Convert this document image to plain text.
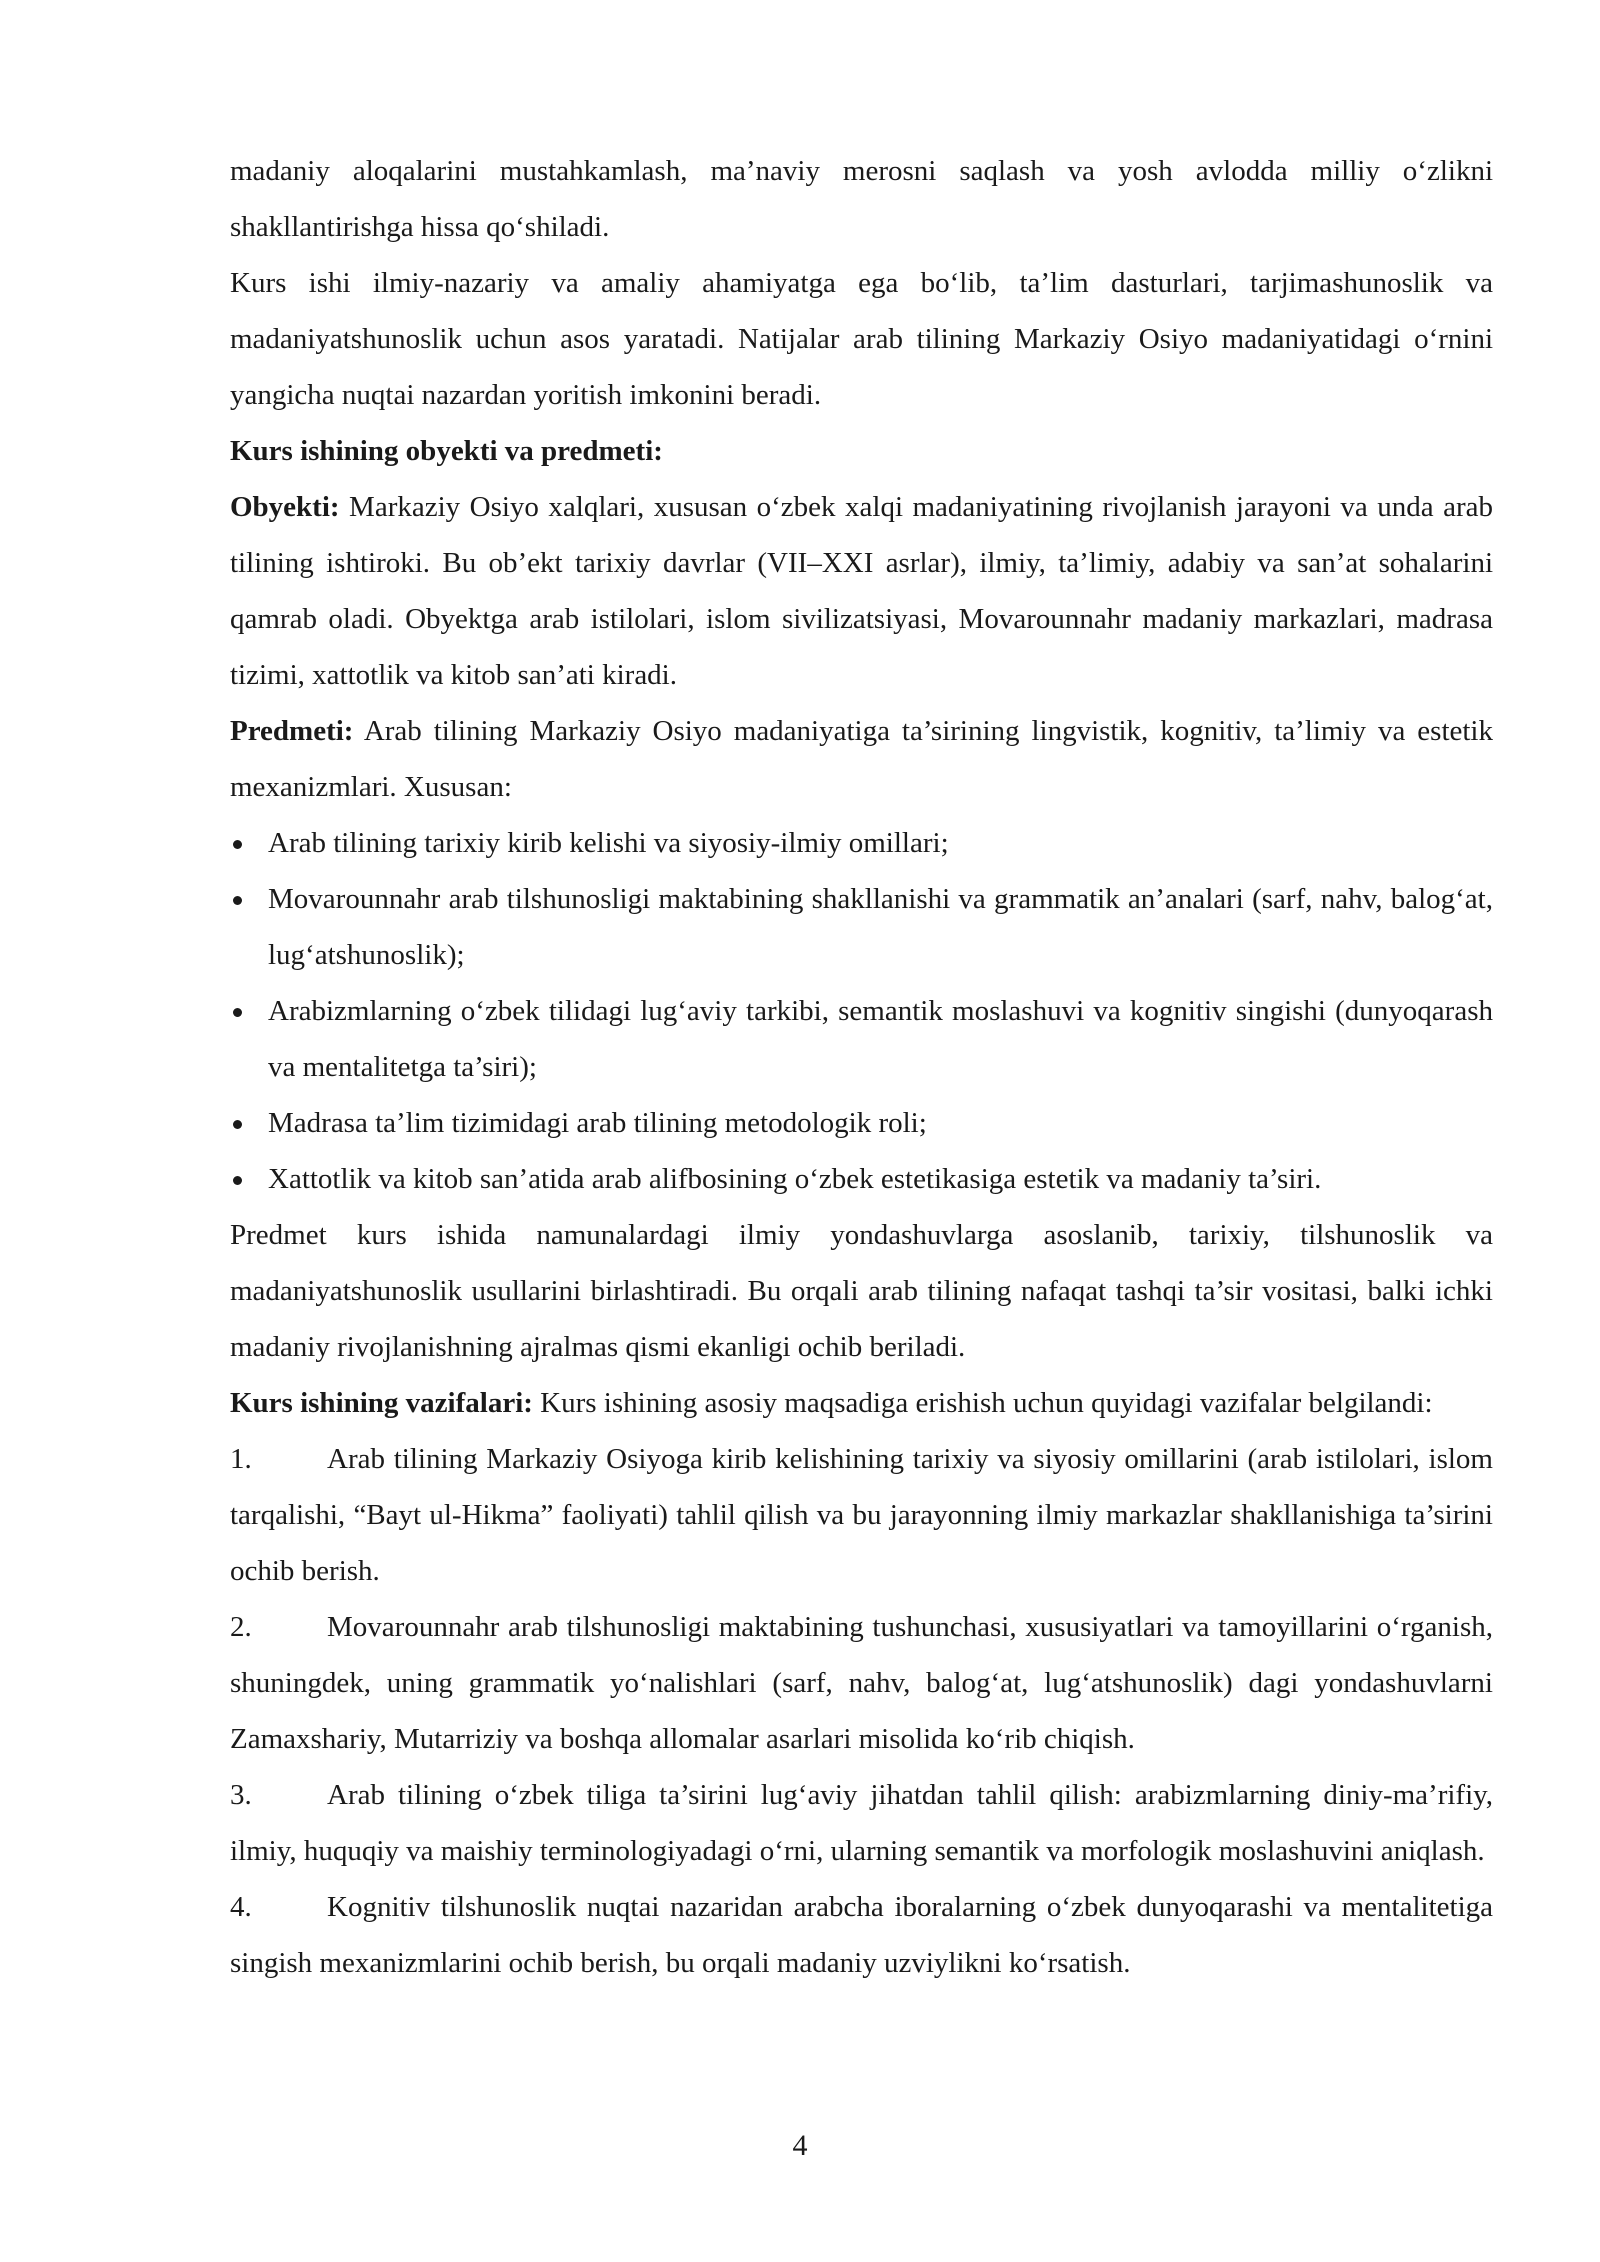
madaniy aloqalarini mustahkamlash, ma’naviy merosni saqlash va yosh avlodda milliy o‘zlikni shakllantirishga hissa qo‘shiladi.

Kurs ishi ilmiy-nazariy va amaliy ahamiyatga ega bo‘lib, ta’lim dasturlari, tarjimashunoslik va madaniyatshunoslik uchun asos yaratadi. Natijalar arab tilining Markaziy Osiyo madaniyatidagi o‘rnini yangicha nuqtai nazardan yoritish imkonini beradi.

Kurs ishining obyekti va predmeti:

Obyekti: Markaziy Osiyo xalqlari, xususan o‘zbek xalqi madaniyatining rivojlanish jarayoni va unda arab tilining ishtiroki. Bu ob’ekt tarixiy davrlar (VII–XXI asrlar), ilmiy, ta’limiy, adabiy va san’at sohalarini qamrab oladi. Obyektga arab istilolari, islom sivilizatsiyasi, Movarounnahr madaniy markazlari, madrasa tizimi, xattotlik va kitob san’ati kiradi.

Predmeti: Arab tilining Markaziy Osiyo madaniyatiga ta’sirining lingvistik, kognitiv, ta’limiy va estetik mexanizmlari. Xususan:

Arab tilining tarixiy kirib kelishi va siyosiy-ilmiy omillari;
Movarounnahr arab tilshunosligi maktabining shakllanishi va grammatik an’analari (sarf, nahv, balog‘at, lug‘atshunoslik);
Arabizmlarning o‘zbek tilidagi lug‘aviy tarkibi, semantik moslashuvi va kognitiv singishi (dunyoqarash va mentalitetga ta’siri);
Madrasa ta’lim tizimidagi arab tilining metodologik roli;
Xattotlik va kitob san’atida arab alifbosining o‘zbek estetikasiga estetik va madaniy ta’siri.

Predmet kurs ishida namunalardagi ilmiy yondashuvlarga asoslanib, tarixiy, tilshunoslik va madaniyatshunoslik usullarini birlashtiradi. Bu orqali arab tilining nafaqat tashqi ta’sir vositasi, balki ichki madaniy rivojlanishning ajralmas qismi ekanligi ochib beriladi.

Kurs ishining vazifalari: Kurs ishining asosiy maqsadiga erishish uchun quyidagi vazifalar belgilandi:

1.	Arab tilining Markaziy Osiyoga kirib kelishining tarixiy va siyosiy omillarini (arab istilolari, islom tarqalishi, “Bayt ul-Hikma” faoliyati) tahlil qilish va bu jarayonning ilmiy markazlar shakllanishiga ta’sirini ochib berish.

2.	Movarounnahr arab tilshunosligi maktabining tushunchasi, xususiyatlari va tamoyillarini o‘rganish, shuningdek, uning grammatik yo‘nalishlari (sarf, nahv, balog‘at, lug‘atshunoslik) dagi yondashuvlarni Zamaxshariy, Mutarriziy va boshqa allomalar asarlari misolida ko‘rib chiqish.

3.	Arab tilining o‘zbek tiliga ta’sirini lug‘aviy jihatdan tahlil qilish: arabizmlarning diniy-ma’rifiy, ilmiy, huquqiy va maishiy terminologiyadagi o‘rni, ularning semantik va morfologik moslashuvini aniqlash.

4.	Kognitiv tilshunoslik nuqtai nazaridan arabcha iboralarning o‘zbek dunyoqarashi va mentalitetiga singish mexanizmlarini ochib berish, bu orqali madaniy uzviylikni ko‘rsatish.

4
